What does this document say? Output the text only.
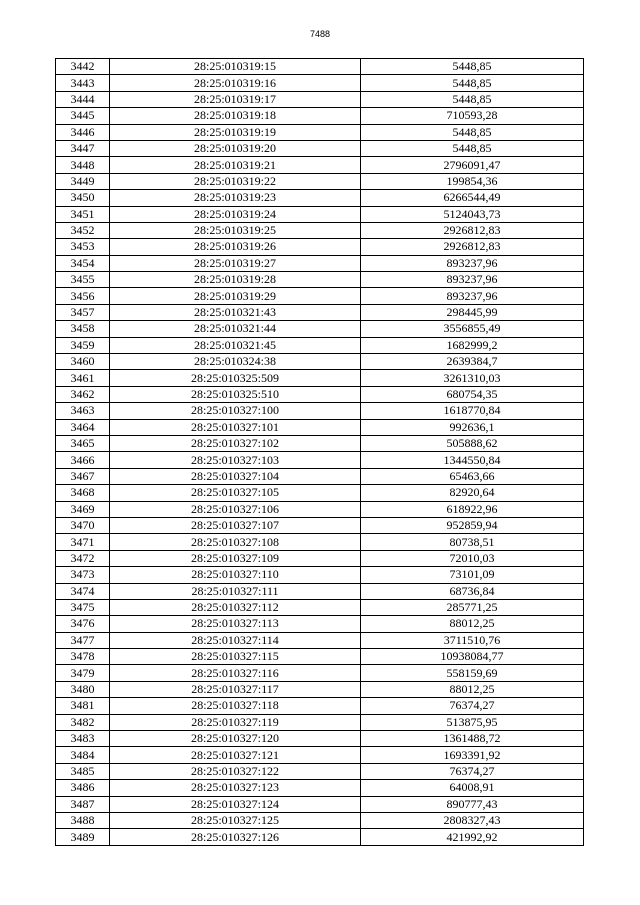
7488
3442	28:25:010319:15	5448,85
3443	28:25:010319:16	5448,85
3444	28:25:010319:17	5448,85
3445	28:25:010319:18	710593,28
3446	28:25:010319:19	5448,85
3447	28:25:010319:20	5448,85
3448	28:25:010319:21	2796091,47
3449	28:25:010319:22	199854,36
3450	28:25:010319:23	6266544,49
3451	28:25:010319:24	5124043,73
3452	28:25:010319:25	2926812,83
3453	28:25:010319:26	2926812,83
3454	28:25:010319:27	893237,96
3455	28:25:010319:28	893237,96
3456	28:25:010319:29	893237,96
3457	28:25:010321:43	298445,99
3458	28:25:010321:44	3556855,49
3459	28:25:010321:45	1682999,2
3460	28:25:010324:38	2639384,7
3461	28:25:010325:509	3261310,03
3462	28:25:010325:510	680754,35
3463	28:25:010327:100	1618770,84
3464	28:25:010327:101	992636,1
3465	28:25:010327:102	505888,62
3466	28:25:010327:103	1344550,84
3467	28:25:010327:104	65463,66
3468	28:25:010327:105	82920,64
3469	28:25:010327:106	618922,96
3470	28:25:010327:107	952859,94
3471	28:25:010327:108	80738,51
3472	28:25:010327:109	72010,03
3473	28:25:010327:110	73101,09
3474	28:25:010327:111	68736,84
3475	28:25:010327:112	285771,25
3476	28:25:010327:113	88012,25
3477	28:25:010327:114	3711510,76
3478	28:25:010327:115	10938084,77
3479	28:25:010327:116	558159,69
3480	28:25:010327:117	88012,25
3481	28:25:010327:118	76374,27
3482	28:25:010327:119	513875,95
3483	28:25:010327:120	1361488,72
3484	28:25:010327:121	1693391,92
3485	28:25:010327:122	76374,27
3486	28:25:010327:123	64008,91
3487	28:25:010327:124	890777,43
3488	28:25:010327:125	2808327,43
3489	28:25:010327:126	421992,92
